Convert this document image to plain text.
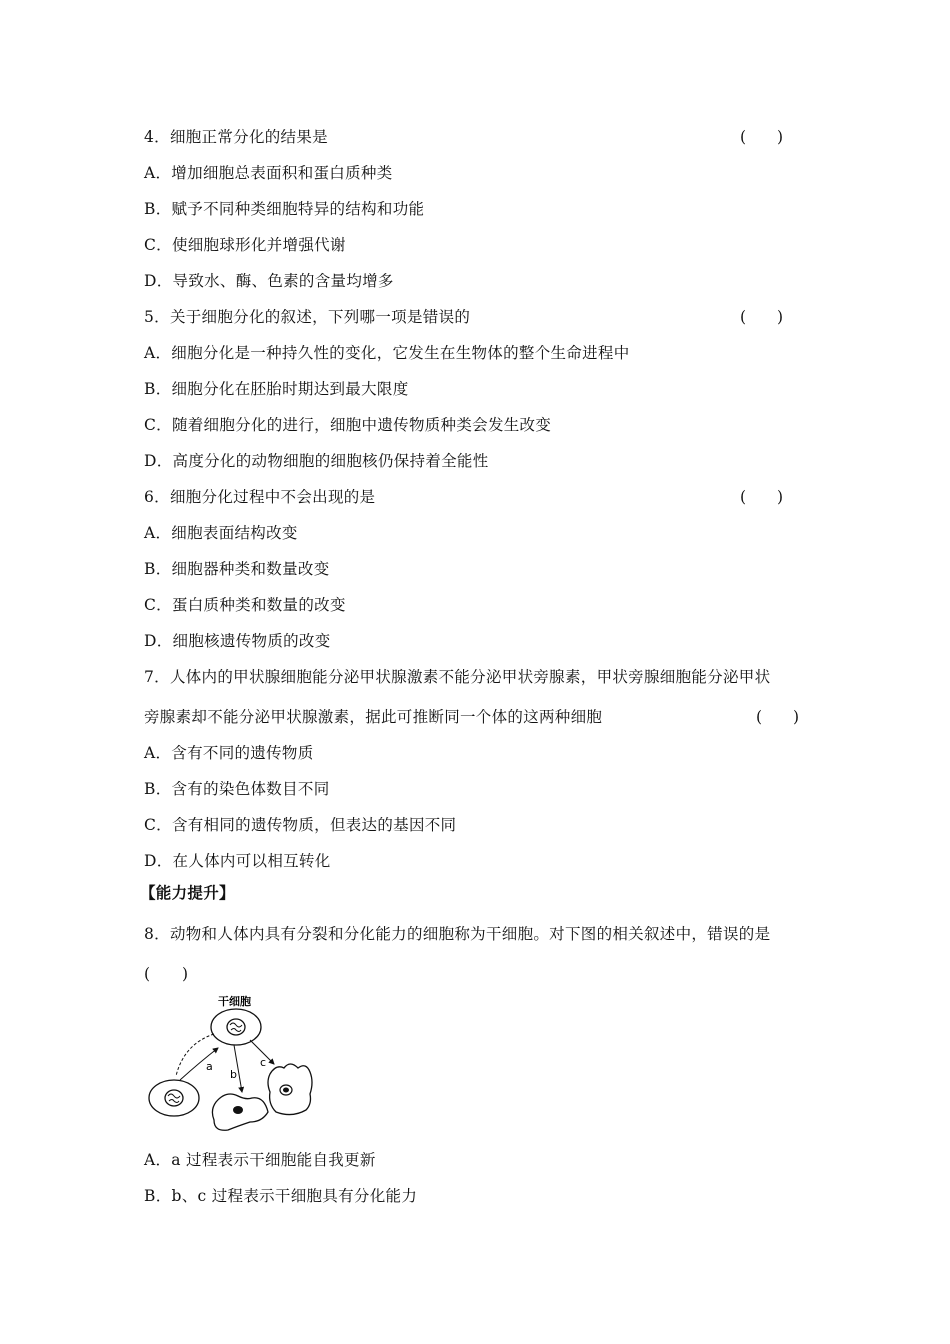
4．细胞正常分化的结果是	(　　)
A．增加细胞总表面积和蛋白质种类
B．赋予不同种类细胞特异的结构和功能
C．使细胞球形化并增强代谢
D．导致水、酶、色素的含量均增多
5．关于细胞分化的叙述，下列哪一项是错误的	(　　)
A．细胞分化是一种持久性的变化，它发生在生物体的整个生命进程中
B．细胞分化在胚胎时期达到最大限度
C．随着细胞分化的进行，细胞中遗传物质种类会发生改变
D．高度分化的动物细胞的细胞核仍保持着全能性
6．细胞分化过程中不会出现的是	(　　)
A．细胞表面结构改变
B．细胞器种类和数量改变
C．蛋白质种类和数量的改变
D．细胞核遗传物质的改变
7．人体内的甲状腺细胞能分泌甲状腺激素不能分泌甲状旁腺素，甲状旁腺细胞能分泌甲状
旁腺素却不能分泌甲状腺激素，据此可推断同一个体的这两种细胞	(　　)
A．含有不同的遗传物质
B．含有的染色体数目不同
C．含有相同的遗传物质，但表达的基因不同
D．在人体内可以相互转化
【能力提升】
8．动物和人体内具有分裂和分化能力的细胞称为干细胞。对下图的相关叙述中，错误的是
(　　)
干细胞
a
b
c
A．a 过程表示干细胞能自我更新
B．b、c 过程表示干细胞具有分化能力
